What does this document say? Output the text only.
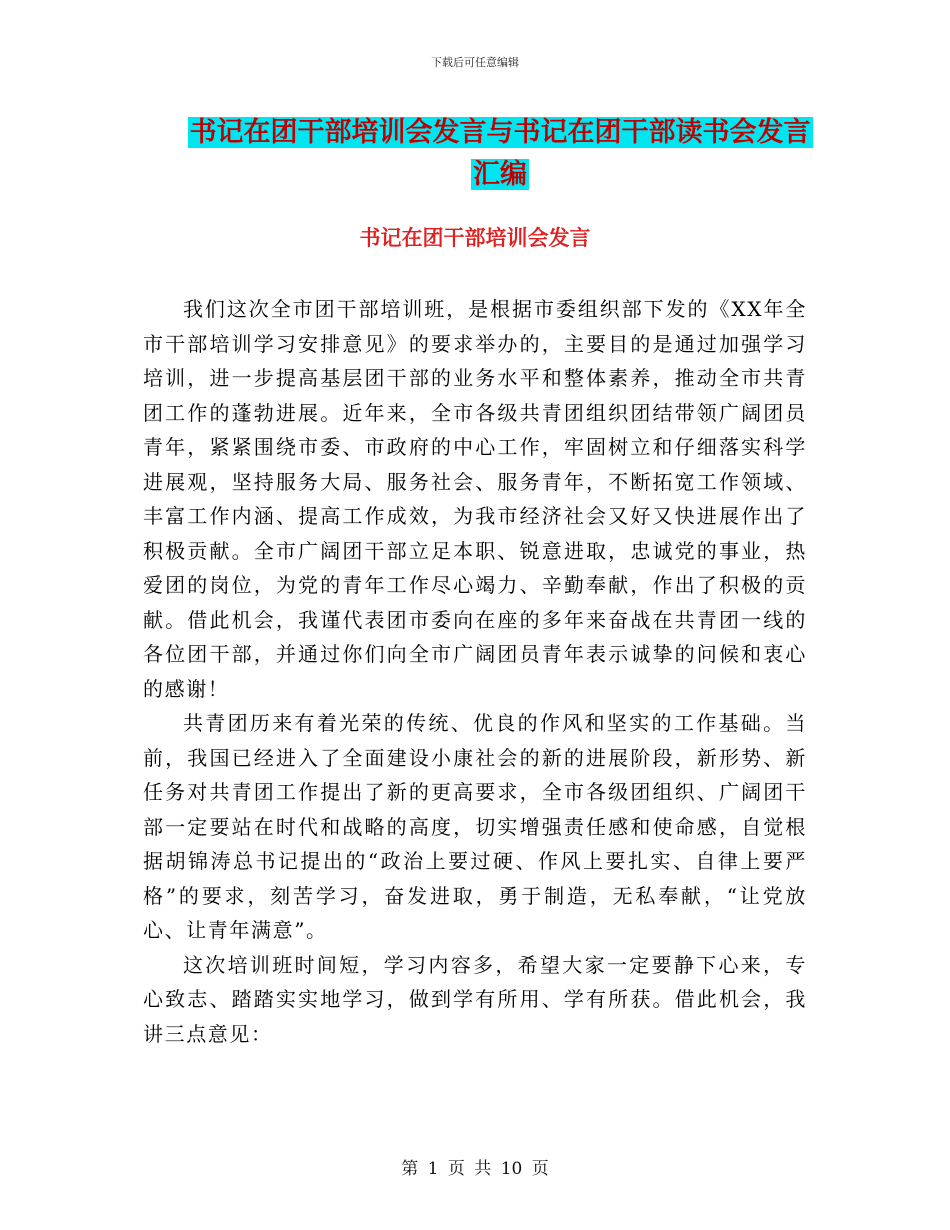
下载后可任意编辑
书记在团干部培训会发言与书记在团干部读书会发言
汇编
书记在团干部培训会发言

我们这次全市团干部培训班，是根据市委组织部下发的《XX年全市干部培训学习安排意见》的要求举办的，主要目的是通过加强学习培训，进一步提高基层团干部的业务水平和整体素养，推动全市共青团工作的蓬勃进展。近年来，全市各级共青团组织团结带领广阔团员青年，紧紧围绕市委、市政府的中心工作，牢固树立和仔细落实科学进展观，坚持服务大局、服务社会、服务青年，不断拓宽工作领域、丰富工作内涵、提高工作成效，为我市经济社会又好又快进展作出了积极贡献。全市广阔团干部立足本职、锐意进取，忠诚党的事业，热爱团的岗位，为党的青年工作尽心竭力、辛勤奉献，作出了积极的贡献。借此机会，我谨代表团市委向在座的多年来奋战在共青团一线的各位团干部，并通过你们向全市广阔团员青年表示诚挚的问候和衷心的感谢！

共青团历来有着光荣的传统、优良的作风和坚实的工作基础。当前，我国已经进入了全面建设小康社会的新的进展阶段，新形势、新任务对共青团工作提出了新的更高要求，全市各级团组织、广阔团干部一定要站在时代和战略的高度，切实增强责任感和使命感，自觉根据胡锦涛总书记提出的“政治上要过硬、作风上要扎实、自律上要严格”的要求，刻苦学习，奋发进取，勇于制造，无私奉献，“让党放心、让青年满意”。

这次培训班时间短，学习内容多，希望大家一定要静下心来，专心致志、踏踏实实地学习，做到学有所用、学有所获。借此机会，我讲三点意见：

第 1 页 共 10 页
